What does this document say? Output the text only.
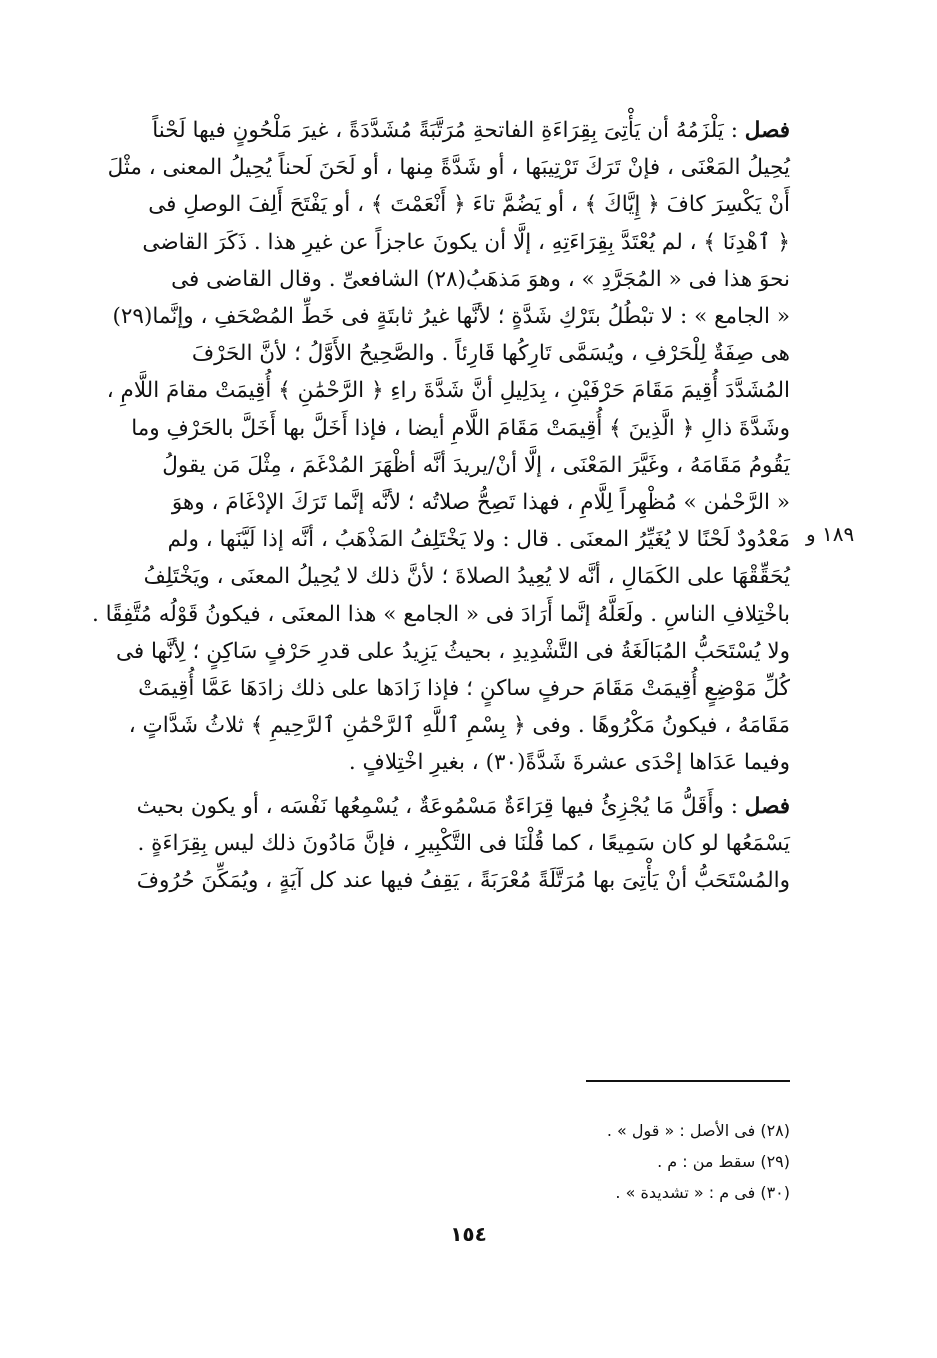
فصل : يَلْزَمُهُ أن يَأْتِىَ بِقِرَاءَةِ الفاتحةِ مُرَتَّبَةً مُشَدَّدَةً ، غيرَ مَلْحُونٍ فيها لَحْناً
يُحِيلُ المَعْنَى ، فإنْ تَرَكَ تَرْتِيبَها ، أو شَدَّةً مِنها ، أو لَحَنَ لَحناً يُحِيلُ المعنى ، مثْلَ
أَنْ يَكْسِرَ كافَ ﴿ إِيَّاكَ ﴾ ، أو يَضُمَّ تاءَ ﴿ أَنْعَمْتَ ﴾ ، أو يَفْتَحَ أَلِفَ الوصلِ فى
﴿ ٱهْدِنَا ﴾ ، لم يُعْتَدَّ بِقِرَاءَتِهِ ، إلَّا أن يكونَ عاجزاً عن غيرِ هذا . ذَكَرَ القاضى
نحوَ هذا فى « المُجَرَّدِ » ، وهوَ مَذهَبُ(٢٨) الشافعىِّ . وقال القاضى فى
« الجامع » : لا تبْطُلُ بتَرْكِ شَدَّةٍ ؛ لأنَّها غيرُ ثابتَةٍ فى خَطِّ المُصْحَفِ ، وإنَّما(٢٩)
هى صِفَةٌ لِلْحَرْفِ ، ويُسَمَّى تَارِكُها قَارِئاً . والصَّحِيحُ الأَوَّلُ ؛ لأنَّ الحَرْفَ
المُشَدَّدَ أُقِيمَ مَقَامَ حَرْفَيْنِ ، بِدَلِيلِ أنَّ شَدَّةَ راءِ ﴿ الرَّحْمَٰنِ ﴾ أُقِيمَتْ مقامَ اللَّامِ ،
وشَدَّةَ ذالِ ﴿ الَّذِينَ ﴾ أُقِيمَتْ مَقَامَ اللَّامِ أيضا ، فإذا أَخَلَّ بها أَخَلَّ بالحَرْفِ وما
يَقُومُ مَقَامَهُ ، وغَيَّرَ المَعْنَى ، إلَّا أنْ/يريدَ أنَّه أظْهَرَ المُدْغَمَ ، مِثْلَ مَن يقولُ
« الرَّحْمٰن » مُظْهِراً لِلَّامِ ، فهذا تَصِحُّ صلاتُه ؛ لأنَّه إنَّما تَرَكَ الإدْغَامَ ، وهوَ
مَعْدُودٌ لَحْنًا لا يُغَيِّرُ المعنَى . قال : ولا يَخْتَلِفُ المَذْهَبُ ، أنَّه إذا لَيَّنَها ، ولم
يُحَقِّقْهَا على الكَمَالِ ، أنَّه لا يُعِيدُ الصلاةَ ؛ لأنَّ ذلك لا يُحِيلُ المعنَى ، ويَخْتَلِفُ
باخْتِلافِ الناسِ . ولَعَلَّهُ إنَّما أَرَادَ فى « الجامع » هذا المعنَى ، فيكونُ قَوْلُه مُتَّفِقًا .
ولا يُسْتَحَبُّ المُبَالَغَةُ فى التَّشْدِيدِ ، بحيثُ يَزِيدُ على قدرِ حَرْفٍ سَاكِنٍ ؛ لِأنَّها فى
كُلِّ مَوْضِعٍ أُقِيمَتْ مَقَامَ حرفٍ ساكنٍ ؛ فإذا زَادَها على ذلك زادَهَا عَمَّا أُقِيمَتْ
مَقَامَهُ ، فيكونُ مَكْرُوهًا . وفى ﴿ بِسْمِ ٱللَّهِ ٱلرَّحْمَٰنِ ٱلرَّحِيمِ ﴾ ثلاثُ شَدَّاتٍ ،
وفيما عَدَاها إحْدَى عشرةَ شَدَّةً(٣٠) ، بغيرِ اخْتِلافٍ .
فصل : وأَقَلُّ مَا يُجْزِئُ فيها قِرَاءَةٌ مَسْمُوعَةٌ ، يُسْمِعُها نَفْسَه ، أو يكون بحيث
يَسْمَعُها لو كان سَمِيعًا ، كما قُلْنَا فى التَّكْبِيرِ ، فإنَّ مَادُونَ ذلك ليس بِقِرَاءَةٍ .
والمُسْتَحَبُّ أنْ يَأْتِىَ بها مُرَتَّلَةً مُعْرَبَةً ، يَقِفُ فيها عند كل آيَةٍ ، ويُمَكِّنَ حُرُوفَ
١٨٩ و
(٢٨) فى الأصل : « قول » .
(٢٩) سقط من : م .
(٣٠) فى م : « تشديدة » .
١٥٤
